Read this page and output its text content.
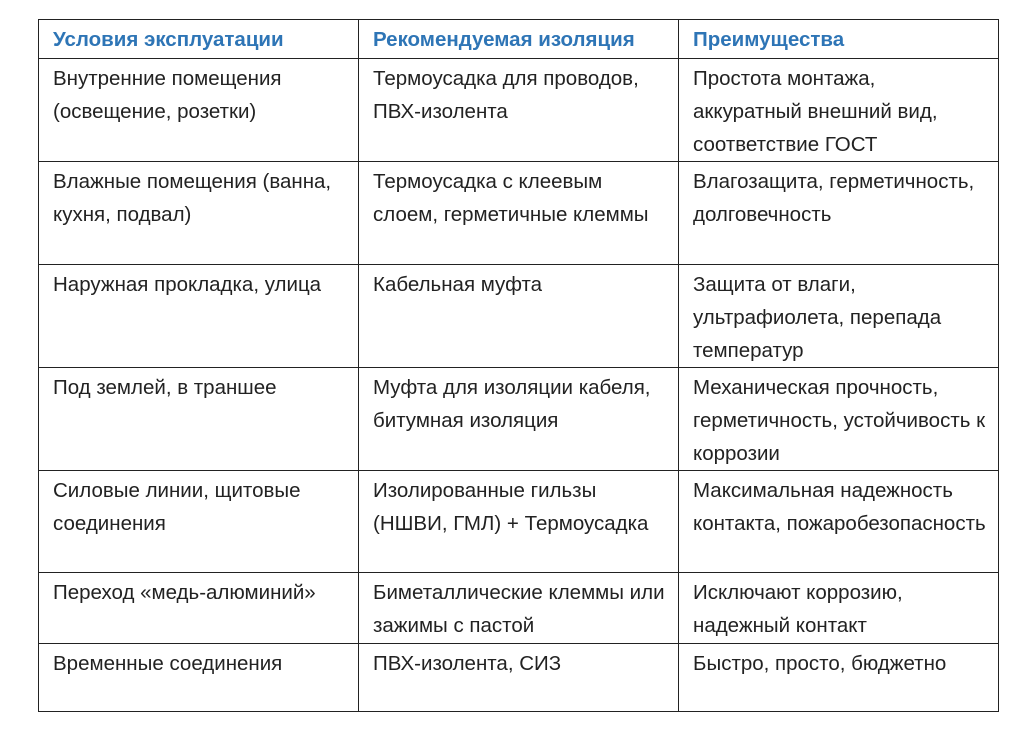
Условия эксплуатации	Рекомендуемая изоляция	Преимущества
Внутренние помещения (освещение, розетки)	Термоусадка для проводов, ПВХ-изолента	Простота монтажа, аккуратный внешний вид, соответствие ГОСТ
Влажные помещения (ванна, кухня, подвал)	Термоусадка с клеевым слоем, герметичные клеммы	Влагозащита, герметичность, долговечность
Наружная прокладка, улица	Кабельная муфта	Защита от влаги, ультрафиолета, перепада температур
Под землей, в траншее	Муфта для изоляции кабеля, битумная изоляция	Механическая прочность, герметичность, устойчивость к коррозии
Силовые линии, щитовые соединения	Изолированные гильзы (НШВИ, ГМЛ) + Термоусадка	Максимальная надежность контакта, пожаробезопасность
Переход «медь-алюминий»	Биметаллические клеммы или зажимы с пастой	Исключают коррозию, надежный контакт
Временные соединения	ПВХ-изолента, СИЗ	Быстро, просто, бюджетно
